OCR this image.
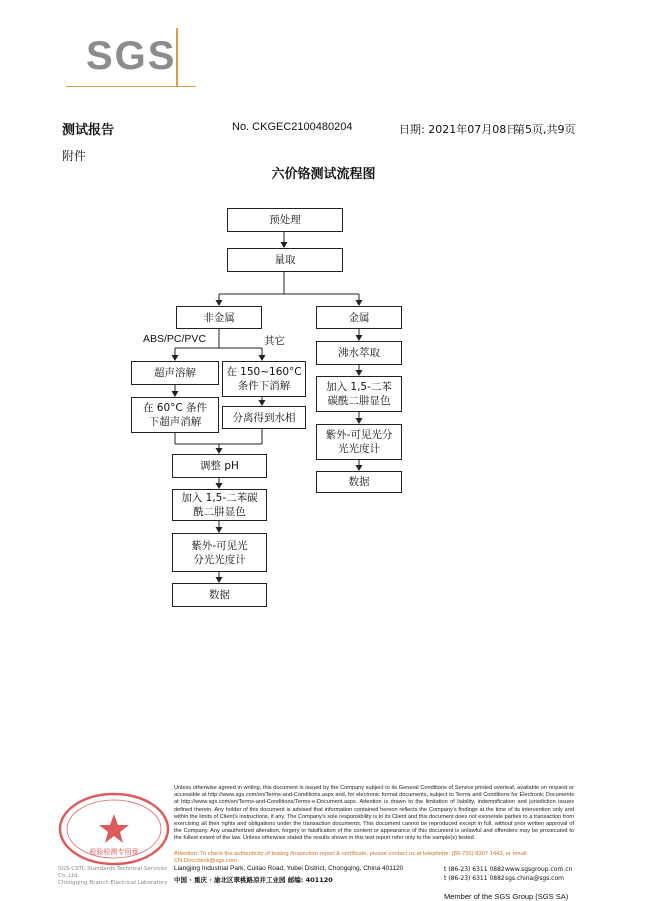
SGS
测试报告	No. CKGEC2100480204	日期: 2021年07月08日
第5页,共9页
附件
六价铬测试流程图
预处理
量取
非金属	金属
ABS/PC/PVC	其它
超声溶解
在 60°C 条件
下超声消解
在 150~160°C
条件下消解
分离得到水相
调整 pH
加入 1,5-二苯碳
酰二肼显色
紫外-可见光
分光光度计
数据
沸水萃取
加入 1,5-二苯
碳酰二肼显色
紫外-可见光分
光光度计
数据
检验检测专用章
SGS-CSTC Standards Technical Services Co.,Ltd.
Chongqing Branch Electrical Laboratory
Unless otherwise agreed in writing, this document is issued by the Company subject to its General Conditions of Service printed overleaf, available on request or accessible at http://www.sgs.com/en/Terms-and-Conditions.aspx and, for electronic format documents, subject to Terms and Conditions for Electronic Documents at http://www.sgs.com/en/Terms-and-Conditions/Terms-e-Document.aspx. Attention is drawn to the limitation of liability, indemnification and jurisdiction issues defined therein. Any holder of this document is advised that information contained hereon reflects the Company's findings at the time of its intervention only and within the limits of Client's instructions, if any. The Company's sole responsibility is to its Client and this document does not exonerate parties to a transaction from exercising all their rights and obligations under the transaction documents. This document cannot be reproduced except in full, without prior written approval of the Company. Any unauthorized alteration, forgery or falsification of the content or appearance of this document is unlawful and offenders may be prosecuted to the fullest extent of the law. Unless otherwise stated the results shown in this test report refer only to the sample(s) tested .
Attention: To check the authenticity of testing /inspection report & certificate, please contact us at telephone: (86-755) 8307 1443, or email: CN.Doccheck@sgs.com
Liangjing Industrial Park, Cuitao Road, Yubei District, Chongqing, China 401120
中国 · 重庆 · 渝北区翠桃路凉井工业园 邮编: 401120
t (86-23) 6311 0882
t (86-23) 6311 0882
www.sgsgroup.com.cn
sgs.china@sgs.com
Member of the SGS Group (SGS SA)
